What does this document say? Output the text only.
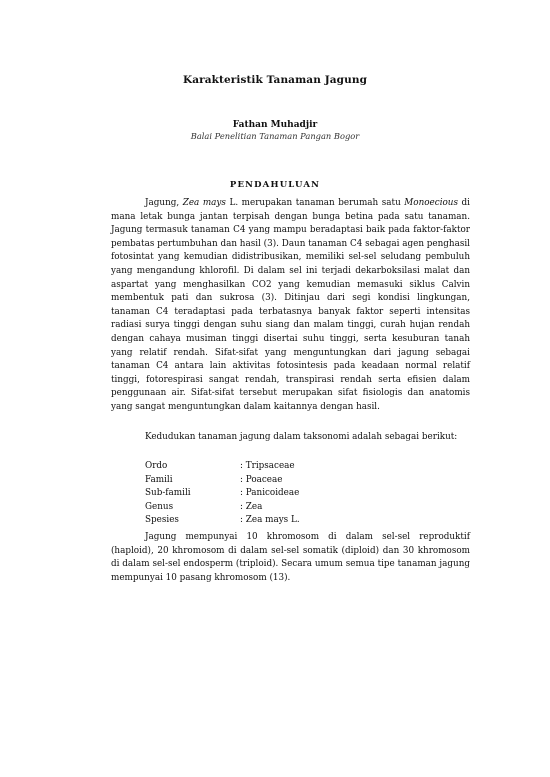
Karakteristik Tanaman Jagung
Fathan Muhadjir
Balai Penelitian Tanaman Pangan Bogor
PENDAHULUAN
Jagung, Zea mays L. merupakan tanaman berumah satu Monoecious di mana letak bunga jantan terpisah dengan bunga betina pada satu tanaman. Jagung termasuk tanaman C4 yang mampu beradaptasi baik pada faktor-faktor pembatas pertumbuhan dan hasil (3). Daun tanaman C4 sebagai agen penghasil fotosintat yang kemudian didistribusikan, memiliki sel-sel seludang pembuluh yang mengandung khlorofil. Di dalam sel ini terjadi dekarboksilasi malat dan aspartat yang menghasilkan CO2 yang kemudian memasuki siklus Calvin membentuk pati dan sukrosa (3). Ditinjau dari segi kondisi lingkungan, tanaman C4 teradaptasi pada terbatasnya banyak faktor seperti intensitas radiasi surya tinggi dengan suhu siang dan malam tinggi, curah hujan rendah dengan cahaya musiman tinggi disertai suhu tinggi, serta kesuburan tanah yang relatif rendah. Sifat-sifat yang menguntungkan dari jagung sebagai tanaman C4 antara lain aktivitas fotosintesis pada keadaan normal relatif tinggi, fotorespirasi sangat rendah, transpirasi rendah serta efisien dalam penggunaan air. Sifat-sifat tersebut merupakan sifat fisiologis dan anatomis yang sangat menguntungkan dalam kaitannya dengan hasil.
Kedudukan tanaman jagung dalam taksonomi adalah sebagai berikut:
Ordo	: Tripsaceae
Famili	: Poaceae
Sub-famili	: Panicoideae
Genus	: Zea
Spesies	: Zea mays L.
Jagung mempunyai 10 khromosom di dalam sel-sel reproduktif (haploid), 20 khromosom di dalam sel-sel somatik (diploid) dan 30 khromosom di dalam sel-sel endosperm (triploid). Secara umum semua tipe tanaman jagung mempunyai 10 pasang khromosom (13).
